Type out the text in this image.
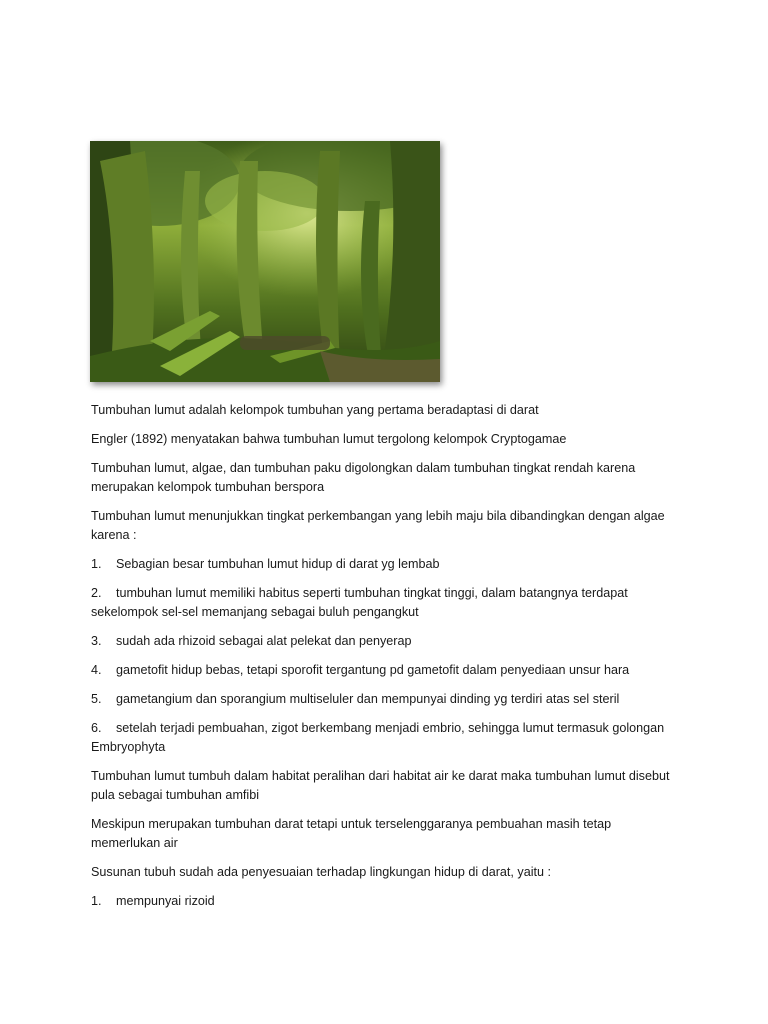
Tumbuhan lumut adalah kelompok tumbuhan yang pertama beradaptasi di darat

Engler (1892) menyatakan bahwa tumbuhan lumut tergolong kelompok Cryptogamae

Tumbuhan lumut, algae, dan tumbuhan paku digolongkan dalam tumbuhan tingkat rendah karena merupakan kelompok tumbuhan berspora

Tumbuhan lumut menunjukkan tingkat perkembangan yang lebih maju bila dibandingkan dengan algae karena :

1. Sebagian besar tumbuhan lumut hidup di darat yg lembab

2. tumbuhan lumut memiliki habitus seperti tumbuhan tingkat tinggi, dalam batangnya terdapat sekelompok sel-sel memanjang sebagai buluh pengangkut

3. sudah ada rhizoid sebagai alat pelekat dan penyerap

4. gametofit hidup bebas, tetapi sporofit tergantung pd gametofit dalam penyediaan unsur hara

5. gametangium dan sporangium multiseluler dan mempunyai dinding yg terdiri atas sel steril

6. setelah terjadi pembuahan, zigot berkembang menjadi embrio, sehingga lumut termasuk golongan Embryophyta

Tumbuhan lumut tumbuh dalam habitat peralihan dari habitat air ke darat maka tumbuhan lumut disebut pula sebagai tumbuhan amfibi

Meskipun merupakan tumbuhan darat tetapi untuk terselenggaranya pembuahan masih tetap memerlukan air

Susunan tubuh sudah ada penyesuaian terhadap lingkungan hidup di darat, yaitu :

1. mempunyai rizoid
